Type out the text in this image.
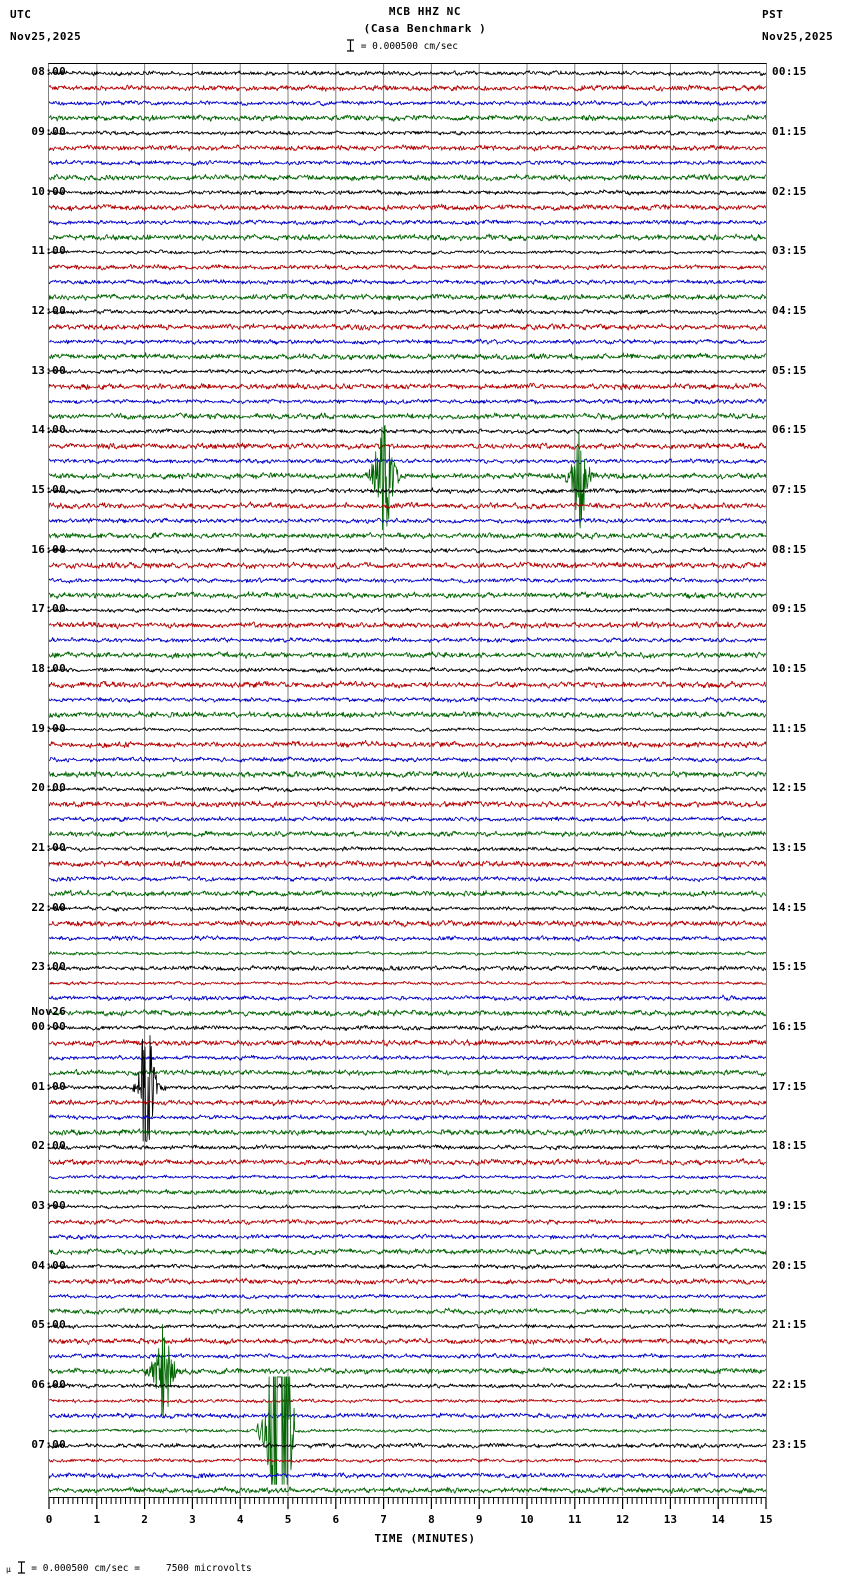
UTC
Nov25,2025
PST
Nov25,2025
MCB HHZ NC
(Casa Benchmark )
= 0.000500 cm/sec
08:00	00:15
09:00	01:15
10:00	02:15
11:00	03:15
12:00	04:15
13:00	05:15
14:00	06:15
15:00	07:15
16:00	08:15
17:00	09:15
18:00	10:15
19:00	11:15
20:00	12:15
21:00	13:15
22:00	14:15
23:00	15:15
00:00	16:15
Nov26
01:00	17:15
02:00	18:15
03:00	19:15
04:00	20:15
05:00	21:15
06:00	22:15
07:00	23:15
0	1	2	3	4	5	6	7	8	9	10	11	12	13	14	15
TIME (MINUTES)
µ = 0.000500 cm/sec =	7500 microvolts
